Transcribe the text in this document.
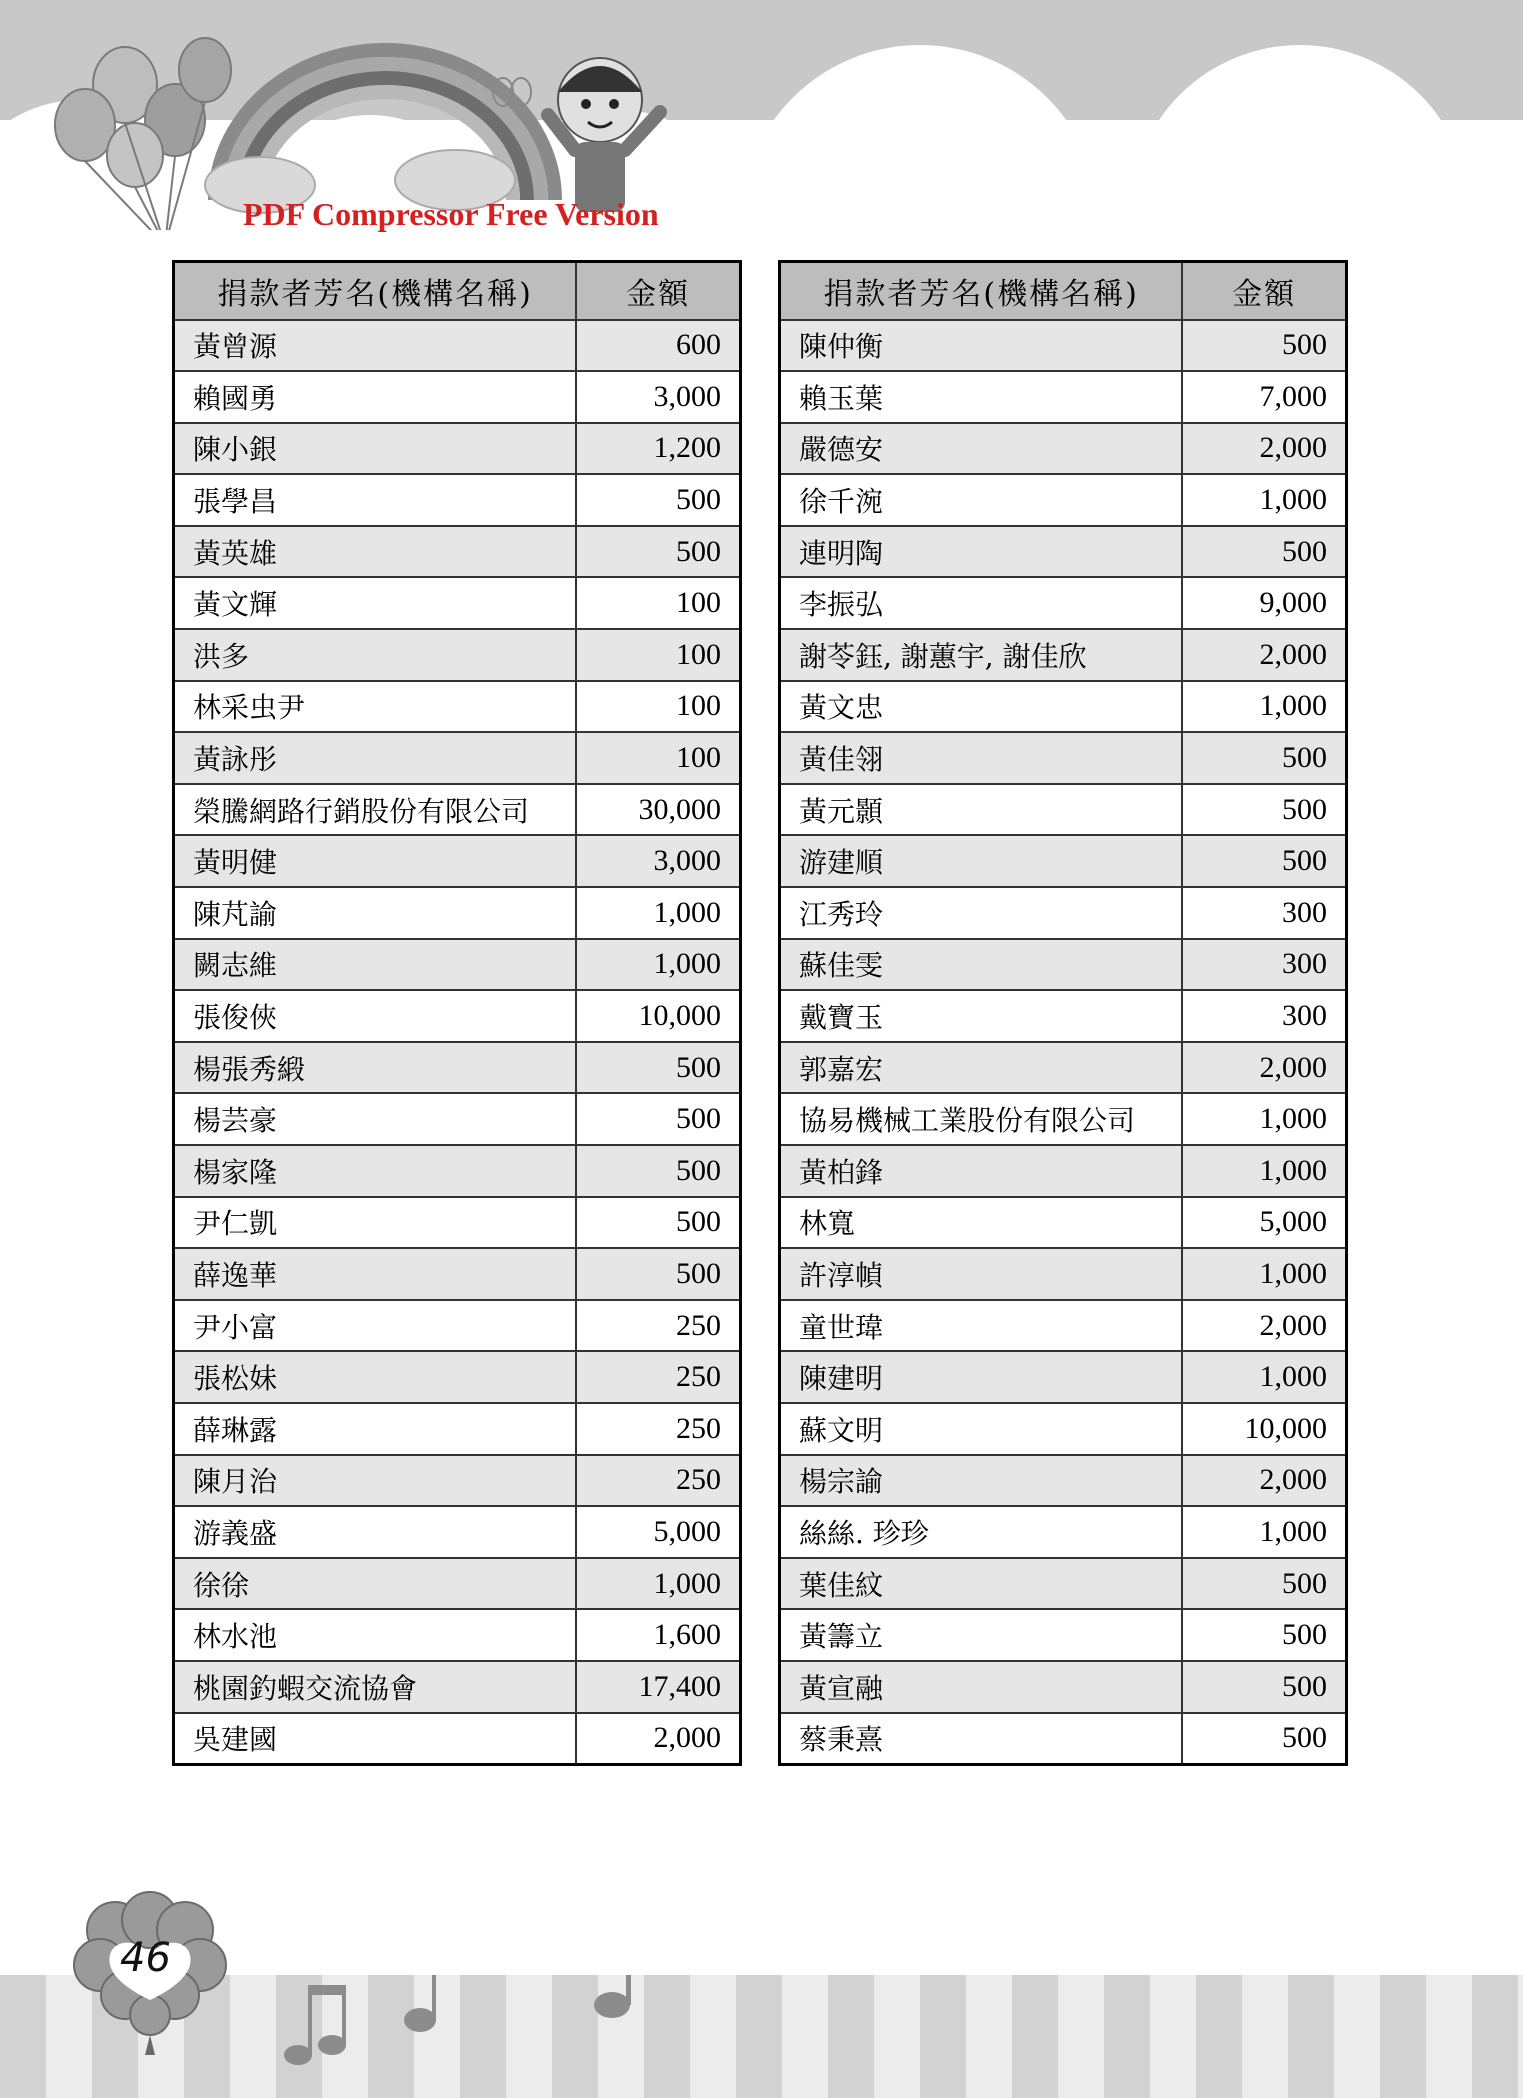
PDF Compressor Free Version
捐款者芳名(機構名稱)	金額
黃曾源	600
賴國勇	3,000
陳小銀	1,200
張學昌	500
黃英雄	500
黃文輝	100
洪多	100
林采虫尹	100
黃詠彤	100
榮騰網路行銷股份有限公司	30,000
黃明健	3,000
陳芃諭	1,000
闕志維	1,000
張俊俠	10,000
楊張秀緞	500
楊芸豪	500
楊家隆	500
尹仁凱	500
薛逸華	500
尹小富	250
張松妹	250
薛琳露	250
陳月治	250
游義盛	5,000
徐徐	1,000
林水池	1,600
桃園釣蝦交流協會	17,400
吳建國	2,000
捐款者芳名(機構名稱)	金額
陳仲衡	500
賴玉葉	7,000
嚴德安	2,000
徐千涴	1,000
連明陶	500
李振弘	9,000
謝苓鈺, 謝蕙宇, 謝佳欣	2,000
黃文忠	1,000
黃佳翎	500
黃元顥	500
游建順	500
江秀玲	300
蘇佳雯	300
戴寶玉	300
郭嘉宏	2,000
協易機械工業股份有限公司	1,000
黃柏鋒	1,000
林寬	5,000
許淳幀	1,000
童世瑋	2,000
陳建明	1,000
蘇文明	10,000
楊宗諭	2,000
絲絲. 珍珍	1,000
葉佳紋	500
黃籌立	500
黃宣融	500
蔡秉熹	500
46
